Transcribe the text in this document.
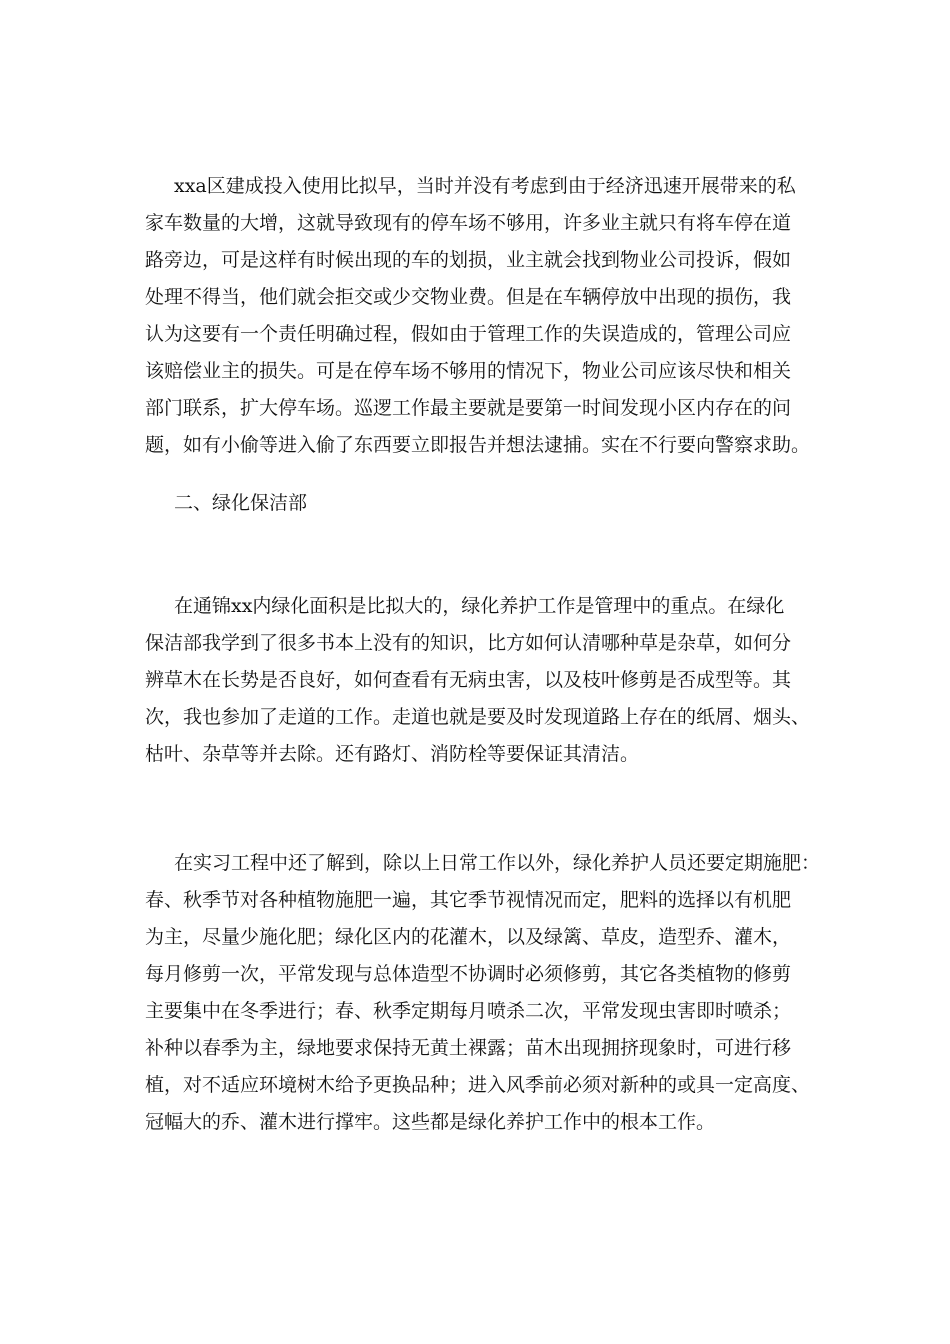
xxa区建成投入使用比拟早，当时并没有考虑到由于经济迅速开展带来的私
家车数量的大增，这就导致现有的停车场不够用，许多业主就只有将车停在道
路旁边，可是这样有时候出现的车的划损，业主就会找到物业公司投诉，假如
处理不得当，他们就会拒交或少交物业费。但是在车辆停放中出现的损伤，我
认为这要有一个责任明确过程，假如由于管理工作的失误造成的，管理公司应
该赔偿业主的损失。可是在停车场不够用的情况下，物业公司应该尽快和相关
部门联系，扩大停车场。巡逻工作最主要就是要第一时间发现小区内存在的问
题，如有小偷等进入偷了东西要立即报告并想法逮捕。实在不行要向警察求助。

二、绿化保洁部

在通锦xx内绿化面积是比拟大的，绿化养护工作是管理中的重点。在绿化
保洁部我学到了很多书本上没有的知识，比方如何认清哪种草是杂草，如何分
辨草木在长势是否良好，如何查看有无病虫害，以及枝叶修剪是否成型等。其
次，我也参加了走道的工作。走道也就是要及时发现道路上存在的纸屑、烟头、
枯叶、杂草等并去除。还有路灯、消防栓等要保证其清洁。

在实习工程中还了解到，除以上日常工作以外，绿化养护人员还要定期施肥：
春、秋季节对各种植物施肥一遍，其它季节视情况而定，肥料的选择以有机肥
为主，尽量少施化肥；绿化区内的花灌木，以及绿篱、草皮，造型乔、灌木，
每月修剪一次，平常发现与总体造型不协调时必须修剪，其它各类植物的修剪
主要集中在冬季进行；春、秋季定期每月喷杀二次，平常发现虫害即时喷杀；
补种以春季为主，绿地要求保持无黄土裸露；苗木出现拥挤现象时，可进行移
植，对不适应环境树木给予更换品种；进入风季前必须对新种的或具一定高度、
冠幅大的乔、灌木进行撑牢。这些都是绿化养护工作中的根本工作。
